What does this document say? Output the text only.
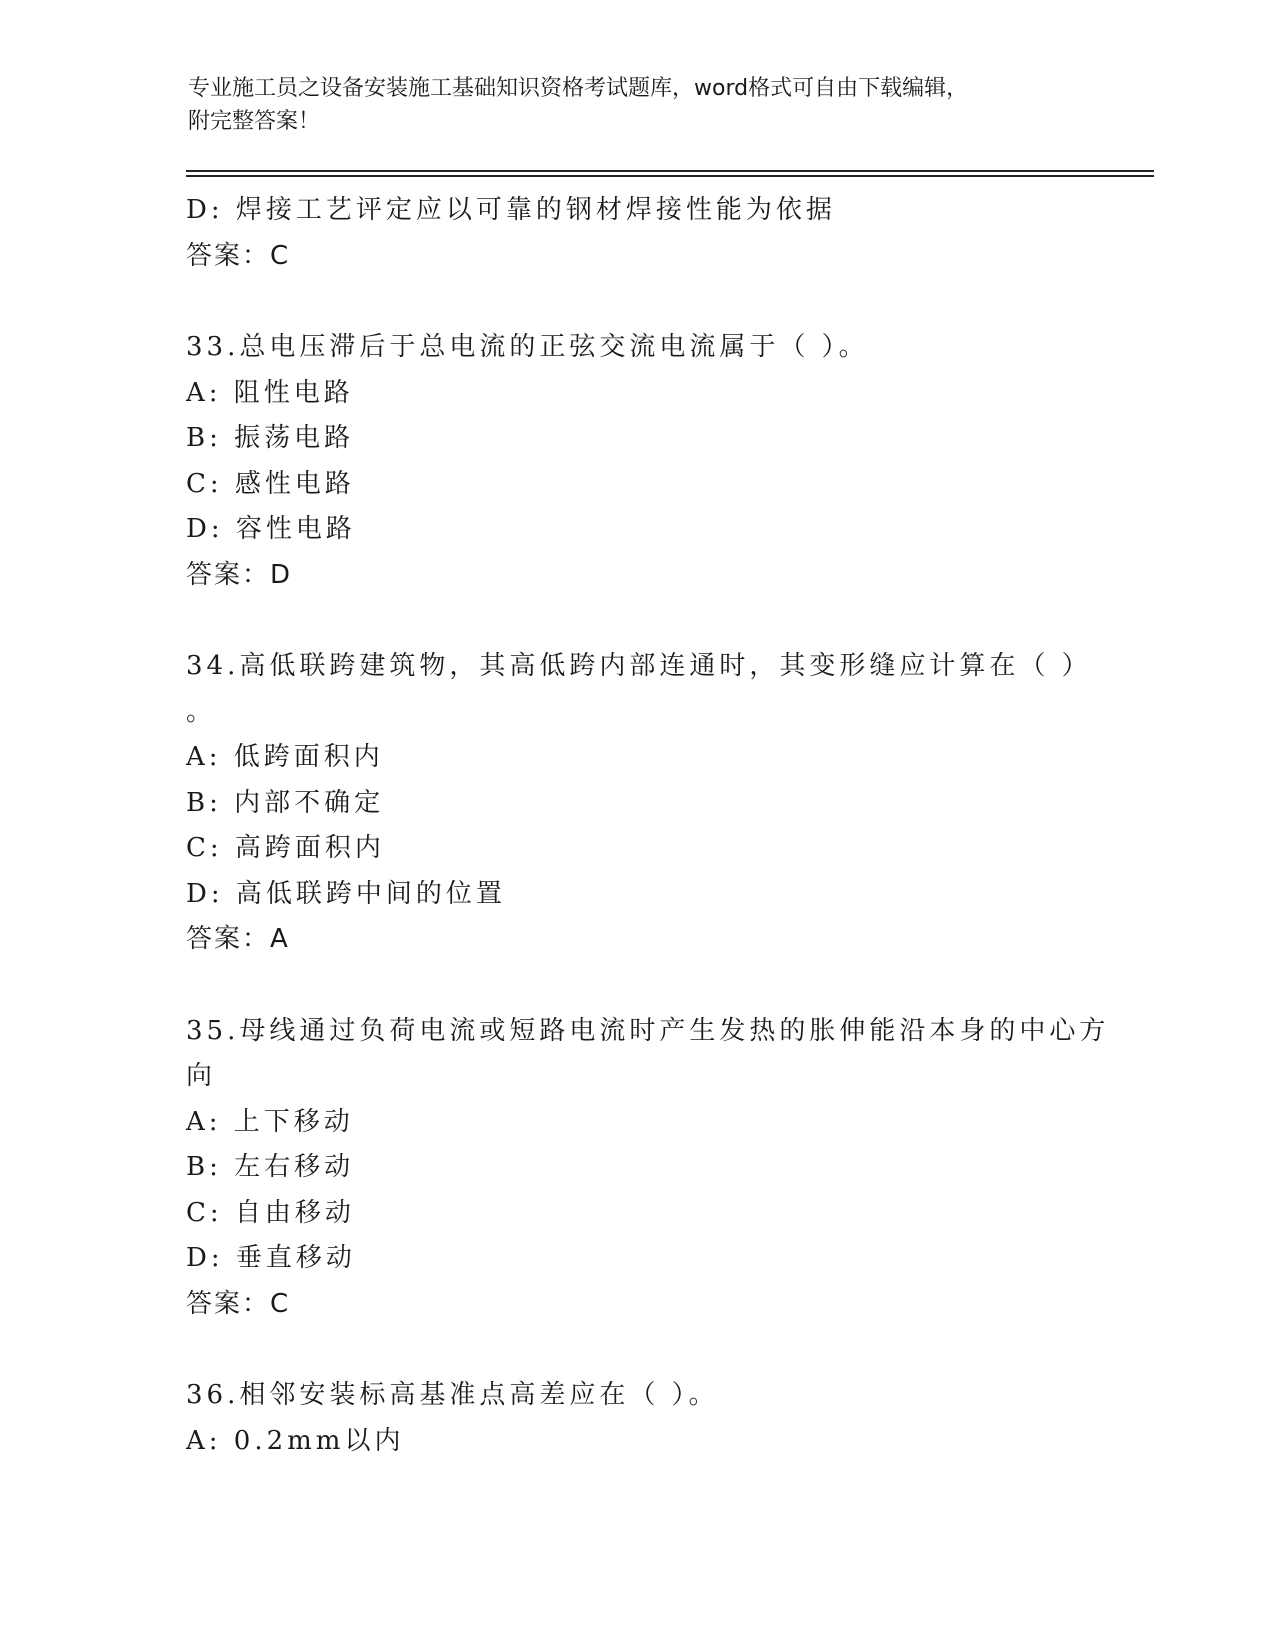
专业施工员之设备安装施工基础知识资格考试题库，word格式可自由下载编辑，
附完整答案！
D: 焊接工艺评定应以可靠的钢材焊接性能为依据
答案：C
33.总电压滞后于总电流的正弦交流电流属于（ ）。
A: 阻性电路
B: 振荡电路
C: 感性电路
D: 容性电路
答案：D
34.高低联跨建筑物，其高低跨内部连通时，其变形缝应计算在（ ）
。
A: 低跨面积内
B: 内部不确定
C: 高跨面积内
D: 高低联跨中间的位置
答案：A
35.母线通过负荷电流或短路电流时产生发热的胀伸能沿本身的中心方
向
A: 上下移动
B: 左右移动
C: 自由移动
D: 垂直移动
答案：C
36.相邻安装标高基准点高差应在（ ）。
A: 0.2mm以内
